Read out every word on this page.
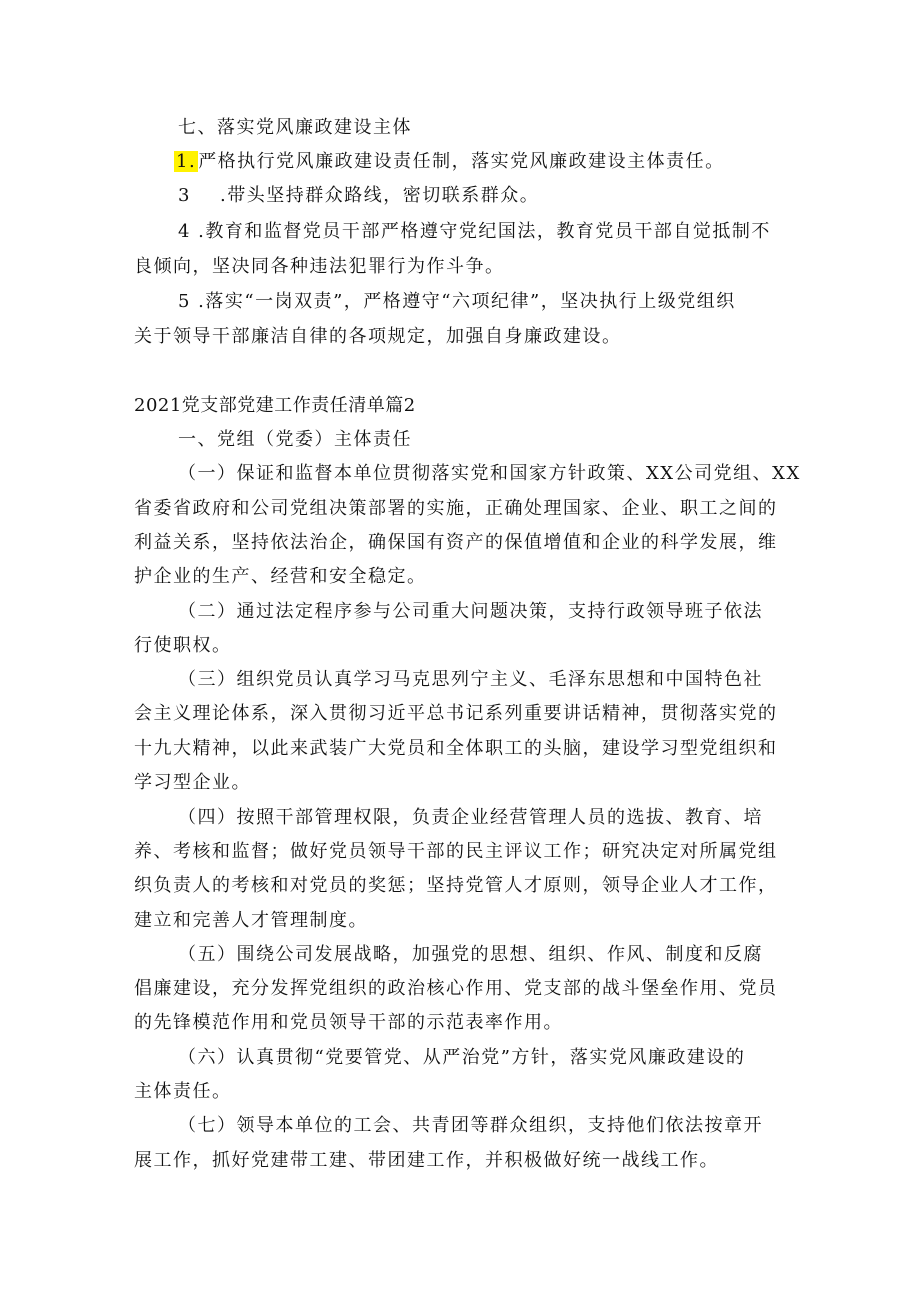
七、落实党风廉政建设主体
1. 严格执行党风廉政建设责任制，落实党风廉政建设主体责任。
3 .带头坚持群众路线，密切联系群众。
4 .教育和监督党员干部严格遵守党纪国法，教育党员干部自觉抵制不
良倾向，坚决同各种违法犯罪行为作斗争。
5 .落实“一岗双责”，严格遵守“六项纪律”，坚决执行上级党组织
关于领导干部廉洁自律的各项规定，加强自身廉政建设。
2021党支部党建工作责任清单篇2
一、党组（党委）主体责任
（一）保证和监督本单位贯彻落实党和国家方针政策、XX公司党组、XX
省委省政府和公司党组决策部署的实施，正确处理国家、企业、职工之间的
利益关系，坚持依法治企，确保国有资产的保值增值和企业的科学发展，维
护企业的生产、经营和安全稳定。
（二）通过法定程序参与公司重大问题决策，支持行政领导班子依法
行使职权。
（三）组织党员认真学习马克思列宁主义、毛泽东思想和中国特色社
会主义理论体系，深入贯彻习近平总书记系列重要讲话精神，贯彻落实党的
十九大精神，以此来武装广大党员和全体职工的头脑，建设学习型党组织和
学习型企业。
（四）按照干部管理权限，负责企业经营管理人员的选拔、教育、培
养、考核和监督；做好党员领导干部的民主评议工作；研究决定对所属党组
织负责人的考核和对党员的奖惩；坚持党管人才原则，领导企业人才工作，
建立和完善人才管理制度。
（五）围绕公司发展战略，加强党的思想、组织、作风、制度和反腐
倡廉建设，充分发挥党组织的政治核心作用、党支部的战斗堡垒作用、党员
的先锋模范作用和党员领导干部的示范表率作用。
（六）认真贯彻“党要管党、从严治党”方针，落实党风廉政建设的
主体责任。
（七）领导本单位的工会、共青团等群众组织，支持他们依法按章开
展工作，抓好党建带工建、带团建工作，并积极做好统一战线工作。
